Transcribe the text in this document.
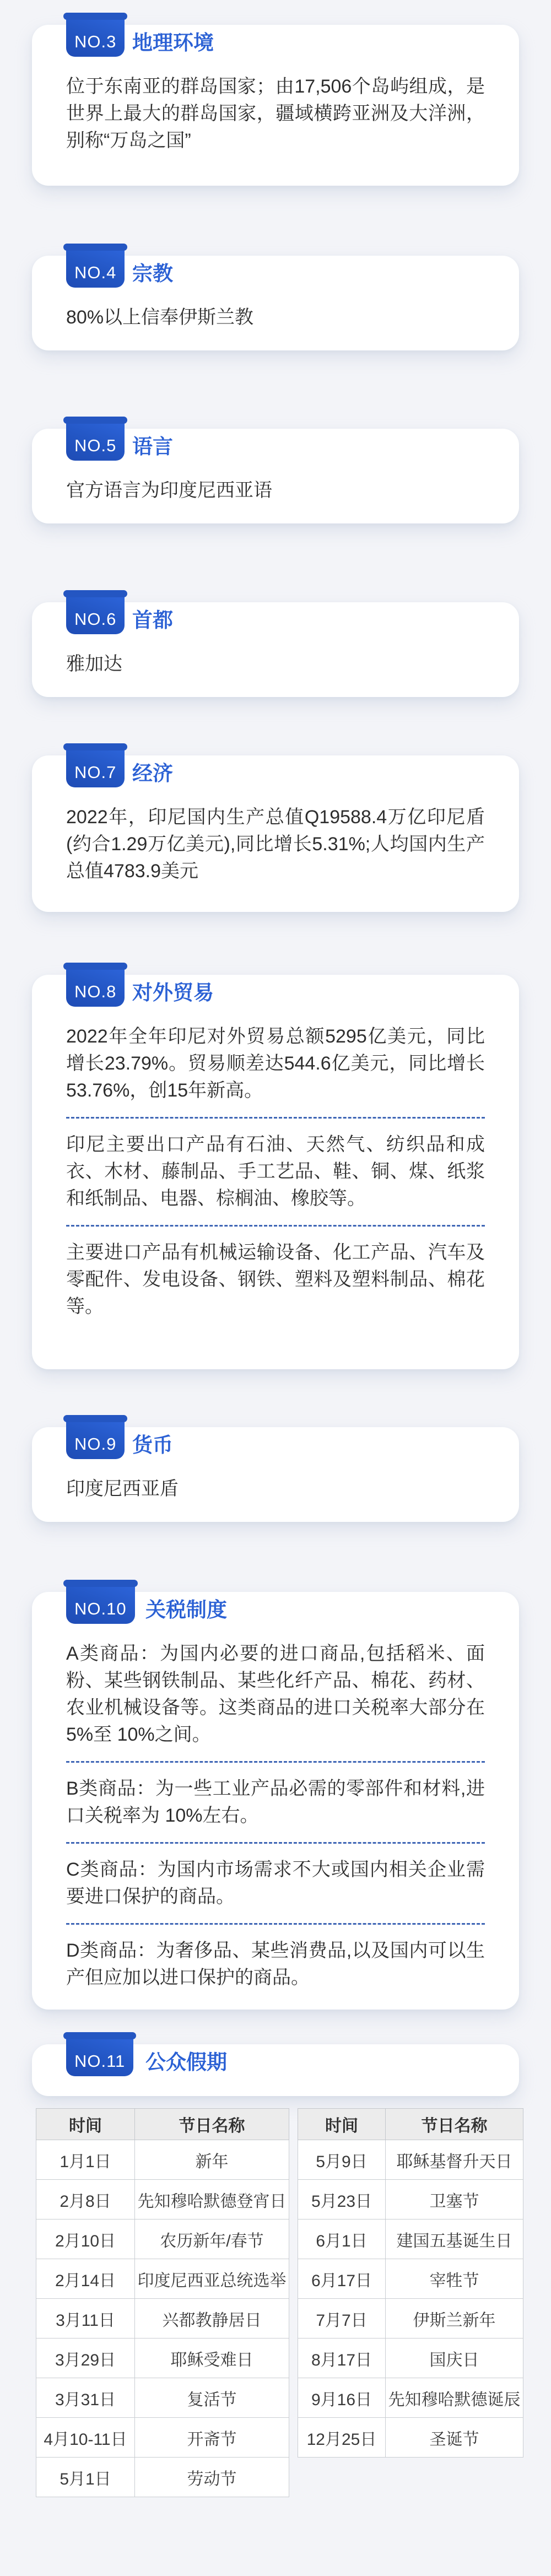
NO.3 地理环境

位于东南亚的群岛国家；由17,506个岛屿组成，是世界上最大的群岛国家，疆域横跨亚洲及大洋洲，别称“万岛之国”

NO.4 宗教

80%以上信奉伊斯兰教

NO.5 语言

官方语言为印度尼西亚语

NO.6 首都

雅加达

NO.7 经济

2022年，印尼国内生产总值Q19588.4万亿印尼盾(约合1.29万亿美元),同比增长5.31%;人均国内生产总值4783.9美元

NO.8 对外贸易

2022年全年印尼对外贸易总额5295亿美元，同比增长23.79%。贸易顺差达544.6亿美元，同比增长53.76%，创15年新高。

印尼主要出口产品有石油、天然气、纺织品和成衣、木材、藤制品、手工艺品、鞋、铜、煤、纸浆和纸制品、电器、棕榈油、橡胶等。

主要进口产品有机械运输设备、化工产品、汽车及零配件、发电设备、钢铁、塑料及塑料制品、棉花等。

NO.9 货币

印度尼西亚盾

NO.10 关税制度

A类商品：为国内必要的进口商品,包括稻米、面粉、某些钢铁制品、某些化纤产品、棉花、药材、农业机械设备等。这类商品的进口关税率大部分在5%至 10%之间。

B类商品：为一些工业产品必需的零部件和材料,进口关税率为 10%左右。

C类商品：为国内市场需求不大或国内相关企业需要进口保护的商品。

D类商品：为奢侈品、某些消费品,以及国内可以生产但应加以进口保护的商品。

NO.11 公众假期
时间	节日名称
1月1日	新年
2月8日	先知穆哈默德登宵日
2月10日	农历新年/春节
2月14日	印度尼西亚总统选举
3月11日	兴都教静居日
3月29日	耶稣受难日
3月31日	复活节
4月10-11日	开斋节
5月1日	劳动节
时间	节日名称
5月9日	耶稣基督升天日
5月23日	卫塞节
6月1日	建国五基诞生日
6月17日	宰牲节
7月7日	伊斯兰新年
8月17日	国庆日
9月16日	先知穆哈默德诞辰
12月25日	圣诞节
